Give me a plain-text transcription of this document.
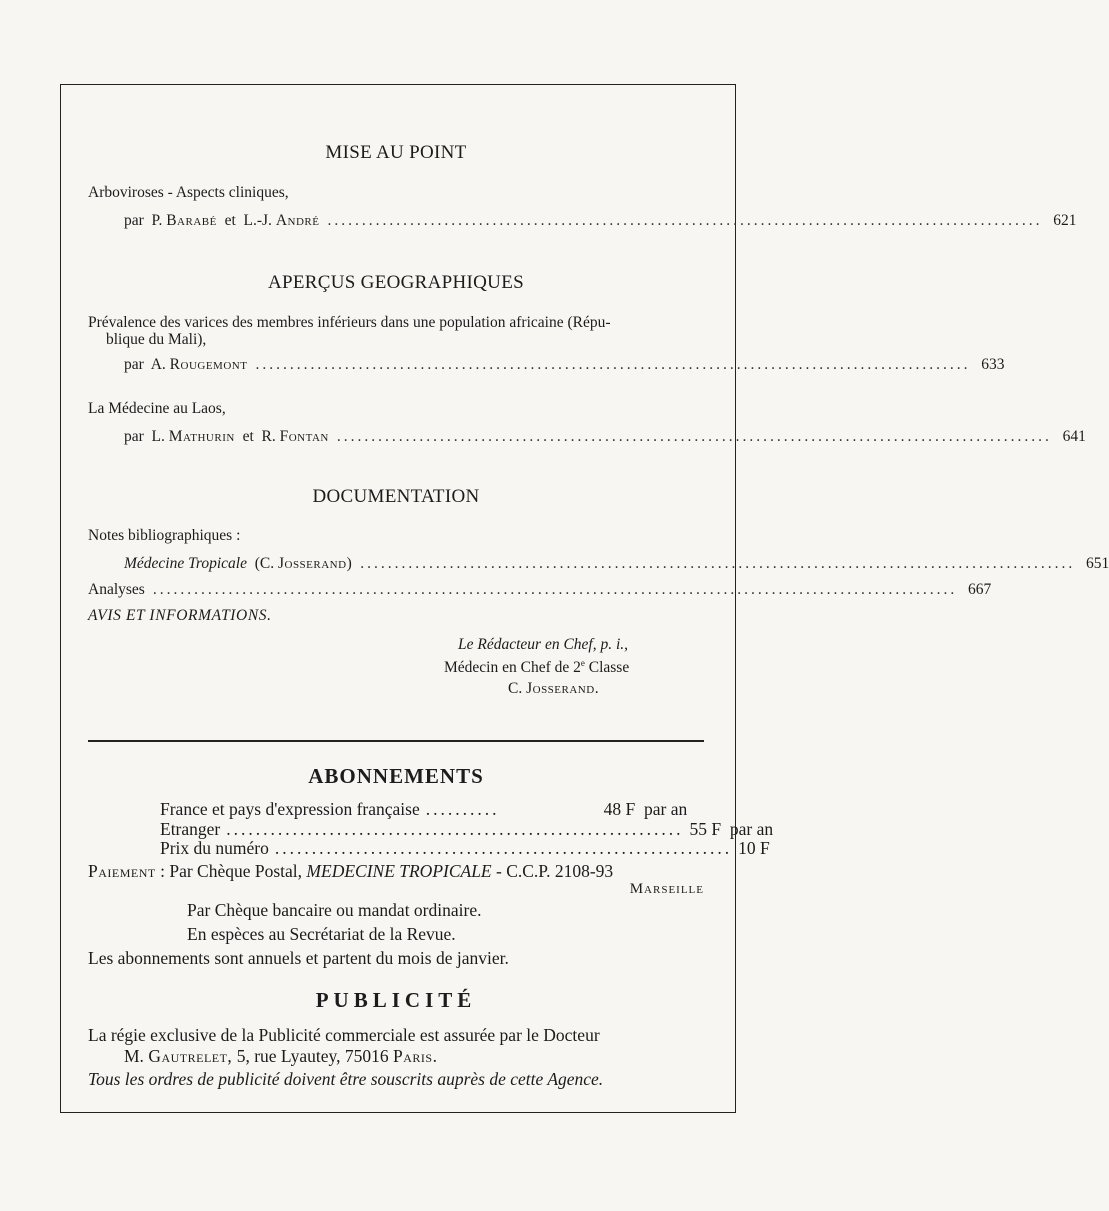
MISE AU POINT
Arboviroses - Aspects cliniques,
par P. Barabé et L.-J. André ........................................................................................................ 621
APERÇUS GEOGRAPHIQUES
Prévalence des varices des membres inférieurs dans une population africaine (Répu-
blique du Mali),
par A. Rougemont ........................................................................................................ 633
La Médecine au Laos,
par L. Mathurin et R. Fontan ........................................................................................................ 641
DOCUMENTATION
Notes bibliographiques :
Médecine Tropicale (C. Josserand) ........................................................................................................ 651
Analyses ..................................................................................................................... 667
AVIS ET INFORMATIONS.
Le Rédacteur en Chef, p. i.,
Médecin en Chef de 2e Classe
C. Josserand.
ABONNEMENTS
France et pays d'expression française ..........	48 F
par an
Etranger .............................................................. 55 F
par an
Prix du numéro .............................................................. 10 F

Paiement : Par Chèque Postal, MEDECINE TROPICALE - C.C.P. 2108-93
Marseille
Par Chèque bancaire ou mandat ordinaire.
En espèces au Secrétariat de la Revue.
Les abonnements sont annuels et partent du mois de janvier.
PUBLICITÉ
La régie exclusive de la Publicité commerciale est assurée par le Docteur
M. Gautrelet, 5, rue Lyautey, 75016 Paris.
Tous les ordres de publicité doivent être souscrits auprès de cette Agence.
